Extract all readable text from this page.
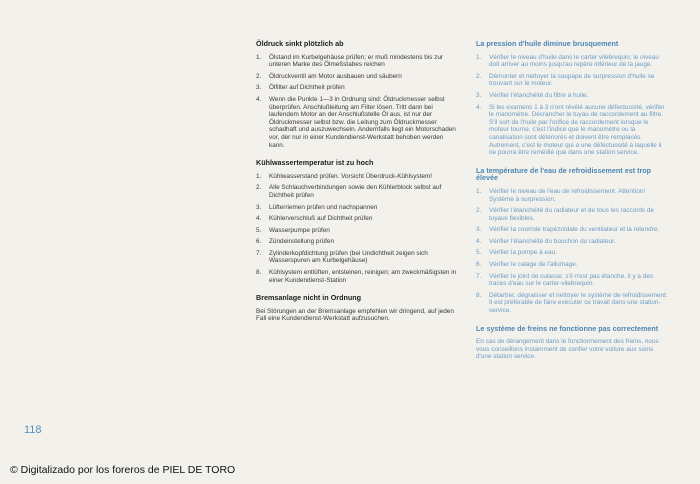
Öldruck sinkt plötzlich ab
1.	Ölstand im Kurbelgehäuse prüfen; er muß mindestens bis zur unteren Marke des Ölmeßstabes reichen
2.	Öldruckventil am Motor ausbauen und säubern
3.	Ölfilter auf Dichtheit prüfen
4.	Wenn die Punkte 1—3 in Ordnung sind: Öldruckmesser selbst überprüfen. Anschlußleitung am Filter lösen. Tritt dann bei laufendem Motor an der Anschlußstelle Öl aus, ist nur der Öldruckmesser selbst bzw. die Leitung zum Öldruckmesser schadhaft und auszuwechseln. Andernfalls liegt ein Motorschaden vor, der nur in einer Kundendienst-Werkstatt behoben werden kann.
Kühlwassertemperatur ist zu hoch
1.	Kühlwasserstand prüfen. Vorsicht Überdruck-Kühlsystem!
2.	Alle Schlauchverbindungen sowie den Kühlerblock selbst auf Dichtheit prüfen
3.	Lüfterriemen prüfen und nachspannen
4.	Kühlerverschluß auf Dichtheit prüfen
5.	Wasserpumpe prüfen
6.	Zündeinstellung prüfen
7.	Zylinderkopfdichtung prüfen (bei Undichtheit zeigen sich Wasserspuren am Kurbelgehäuse)
8.	Kühlsystem entlüften, entsteinen, reinigen; am zweckmäßigsten in einer Kundendienst-Station
Bremsanlage nicht in Ordnung

Bei Störungen an der Bremsanlage empfehlen wir dringend, auf jeden Fall eine Kundendienst-Werkstatt aufzusuchen.

La pression d'huile diminue brusquement
1.	Vérifier le niveau d'huile dans le carter vilebrequin; le niveau doit arriver au moins jusqu'au repère inférieur de la jauge.
2.	Démonter et nettoyer la soupape de surpression d'huile se trouvant sur le moteur.
3.	Vérifier l'étanchéité du filtre à huile.
4.	Si les examens 1 à 3 n'ont révélé aucune défectuosité, vérifier le manomètre. Décrancher le tuyau de raccordement au filtre. S'il sort de l'huile par l'orifice de raccordement lorsque le moteur tourne, c'est l'indice que le manomètre ou la canalisation sont détériorés et doivent être remplacés. Autrement, c'est le moteur qui a une défectuosité à laquelle il ne pourra être remédié que dans une station service.
La température de l'eau de refroidissement est trop élevée
1.	Vérifier le niveau de l'eau de refroidissement. Attention! Système à surpression.
2.	Vérifier l'étanchéité du radiateur et de tous les raccords de tuyaux flexibles.
3.	Vérifier la courroie trapézoïdale du ventilateur et la retendre.
4.	Vérifier l'étanchéité du bouchon du radiateur.
5.	Vérifier la pompe à eau.
6.	Vérifier le calage de l'allumage.
7.	Vérifier le joint de culasse; s'il n'est pas étanche, il y a des traces d'eau sur le carter-vilebrequin.
8.	Détartrer, dégraisser et nettoyer le système de refroidissement. Il est préférable de faire exécuter ce travail dans une station-service.
Le système de freins ne fonctionne pas correctement

En cas de dérangement dans le fonctionnement des freins, nous vous conseillons instamment de confier votre voiture aux soins d'une station service.

118
© Digitalizado por los foreros de PIEL DE TORO
